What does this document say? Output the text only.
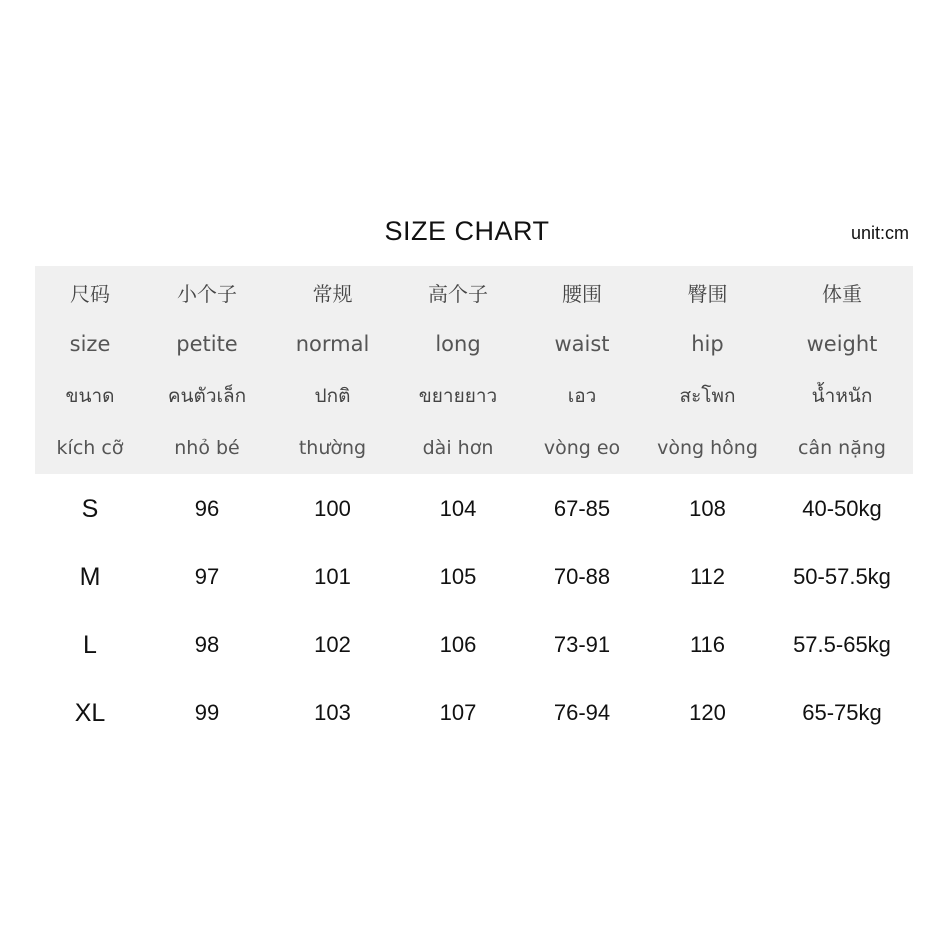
SIZE CHART	unit:cm
尺码	小个子	常规	高个子	腰围	臀围	体重
size	petite	normal	long	waist	hip	weight
ขนาด	คนตัวเล็ก	ปกติ	ขยายยาว	เอว	สะโพก	น้ำหนัก
kích cỡ	nhỏ bé	thường	dài hơn	vòng eo	vòng hông	cân nặng
S	96	100	104	67-85	108	40-50kg
M	97	101	105	70-88	112	50-57.5kg
L	98	102	106	73-91	116	57.5-65kg
XL	99	103	107	76-94	120	65-75kg
